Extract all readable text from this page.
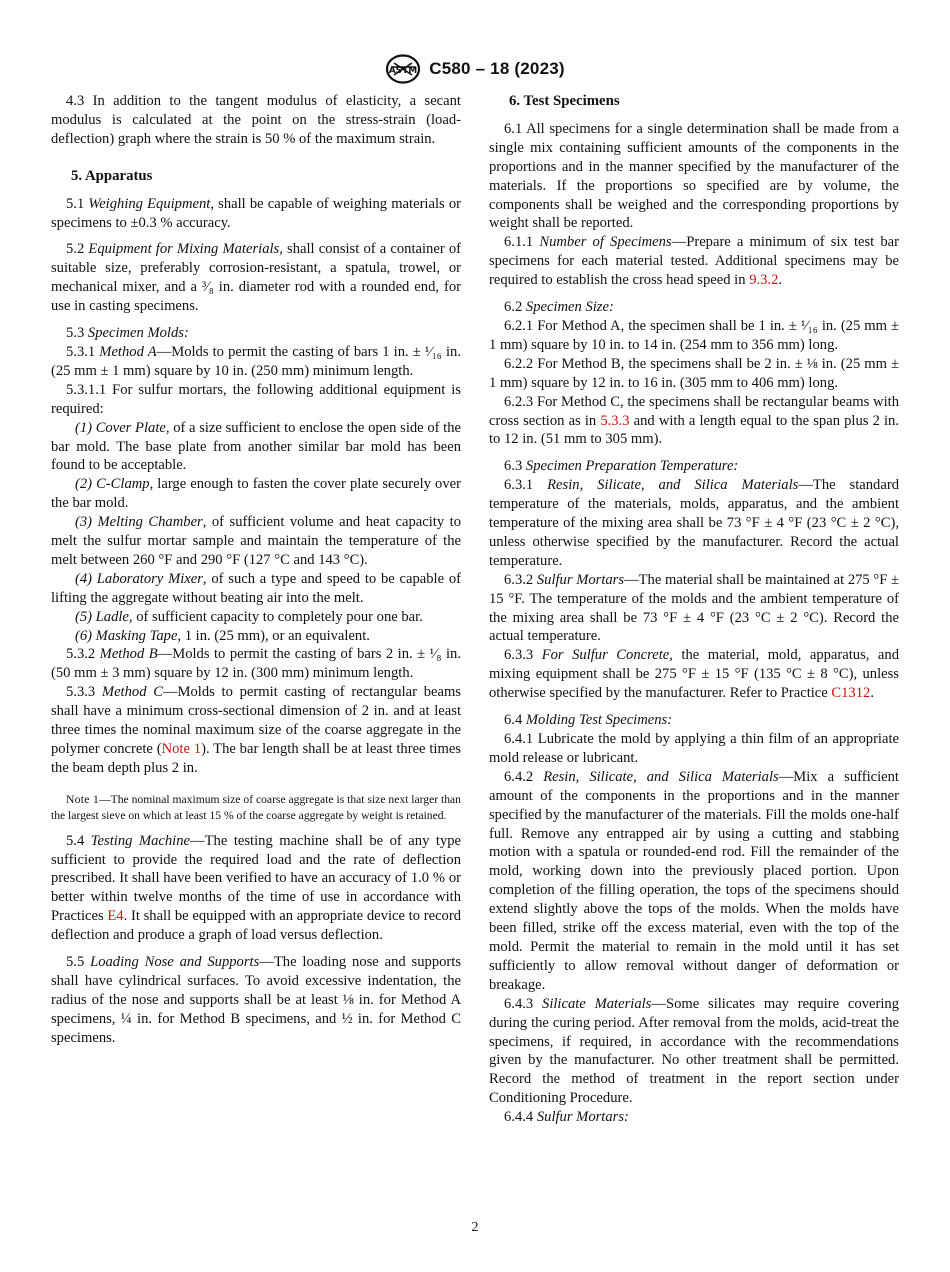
ASTM C580 – 18 (2023)

4.3 In addition to the tangent modulus of elasticity, a secant modulus is calculated at the point on the stress-strain (load-deflection) graph where the strain is 50 % of the maximum strain.

5. Apparatus

5.1 Weighing Equipment, shall be capable of weighing materials or specimens to ±0.3 % accuracy.

5.2 Equipment for Mixing Materials, shall consist of a container of suitable size, preferably corrosion-resistant, a spatula, trowel, or mechanical mixer, and a ³⁄₈ in. diameter rod with a rounded end, for use in casting specimens.

5.3 Specimen Molds:

5.3.1 Method A—Molds to permit the casting of bars 1 in. ± ¹⁄₁₆ in. (25 mm ± 1 mm) square by 10 in. (250 mm) minimum length.

5.3.1.1 For sulfur mortars, the following additional equipment is required:

(1) Cover Plate, of a size sufficient to enclose the open side of the bar mold. The base plate from another similar bar mold has been found to be acceptable.

(2) C-Clamp, large enough to fasten the cover plate securely over the bar mold.

(3) Melting Chamber, of sufficient volume and heat capacity to melt the sulfur mortar sample and maintain the temperature of the melt between 260 °F and 290 °F (127 °C and 143 °C).

(4) Laboratory Mixer, of such a type and speed to be capable of lifting the aggregate without beating air into the melt.

(5) Ladle, of sufficient capacity to completely pour one bar.

(6) Masking Tape, 1 in. (25 mm), or an equivalent.

5.3.2 Method B—Molds to permit the casting of bars 2 in. ± ¹⁄₈ in. (50 mm ± 3 mm) square by 12 in. (300 mm) minimum length.

5.3.3 Method C—Molds to permit casting of rectangular beams shall have a minimum cross-sectional dimension of 2 in. and at least three times the nominal maximum size of the coarse aggregate in the polymer concrete (Note 1). The bar length shall be at least three times the beam depth plus 2 in.

Note 1—The nominal maximum size of coarse aggregate is that size next larger than the largest sieve on which at least 15 % of the coarse aggregate by weight is retained.

5.4 Testing Machine—The testing machine shall be of any type sufficient to provide the required load and the rate of deflection prescribed. It shall have been verified to have an accuracy of 1.0 % or better within twelve months of the time of use in accordance with Practices E4. It shall be equipped with an appropriate device to record deflection and produce a graph of load versus deflection.

5.5 Loading Nose and Supports—The loading nose and supports shall have cylindrical surfaces. To avoid excessive indentation, the radius of the nose and supports shall be at least ⅛ in. for Method A specimens, ¼ in. for Method B specimens, and ½ in. for Method C specimens.

6. Test Specimens

6.1 All specimens for a single determination shall be made from a single mix containing sufficient amounts of the components in the proportions and in the manner specified by the manufacturer of the materials. If the proportions so specified are by volume, the components shall be weighed and the corresponding proportions by weight shall be reported.

6.1.1 Number of Specimens—Prepare a minimum of six test bar specimens for each material tested. Additional specimens may be required to establish the cross head speed in 9.3.2.

6.2 Specimen Size:

6.2.1 For Method A, the specimen shall be 1 in. ± ¹⁄₁₆ in. (25 mm ± 1 mm) square by 10 in. to 14 in. (254 mm to 356 mm) long.

6.2.2 For Method B, the specimens shall be 2 in. ± ⅛ in. (25 mm ± 1 mm) square by 12 in. to 16 in. (305 mm to 406 mm) long.

6.2.3 For Method C, the specimens shall be rectangular beams with cross section as in 5.3.3 and with a length equal to the span plus 2 in. to 12 in. (51 mm to 305 mm).

6.3 Specimen Preparation Temperature:

6.3.1 Resin, Silicate, and Silica Materials—The standard temperature of the materials, molds, apparatus, and the ambient temperature of the mixing area shall be 73 °F ± 4 °F (23 °C ± 2 °C), unless otherwise specified by the manufacturer. Record the actual temperature.

6.3.2 Sulfur Mortars—The material shall be maintained at 275 °F ± 15 °F. The temperature of the molds and the ambient temperature of the mixing area shall be 73 °F ± 4 °F (23 °C ± 2 °C). Record the actual temperature.

6.3.3 For Sulfur Concrete, the material, mold, apparatus, and mixing equipment shall be 275 °F ± 15 °F (135 °C ± 8 °C), unless otherwise specified by the manufacturer. Refer to Practice C1312.

6.4 Molding Test Specimens:

6.4.1 Lubricate the mold by applying a thin film of an appropriate mold release or lubricant.

6.4.2 Resin, Silicate, and Silica Materials—Mix a sufficient amount of the components in the proportions and in the manner specified by the manufacturer of the materials. Fill the molds one-half full. Remove any entrapped air by using a cutting and stabbing motion with a spatula or rounded-end rod. Fill the remainder of the mold, working down into the previously placed portion. Upon completion of the filling operation, the tops of the specimens should extend slightly above the tops of the molds. When the molds have been filled, strike off the excess material, even with the top of the mold. Permit the material to remain in the mold until it has set sufficiently to allow removal without danger of deformation or breakage.

6.4.3 Silicate Materials—Some silicates may require covering during the curing period. After removal from the molds, acid-treat the specimens, if required, in accordance with the recommendations given by the manufacturer. No other treatment shall be permitted. Record the method of treatment in the report section under Conditioning Procedure.

6.4.4 Sulfur Mortars:

2
